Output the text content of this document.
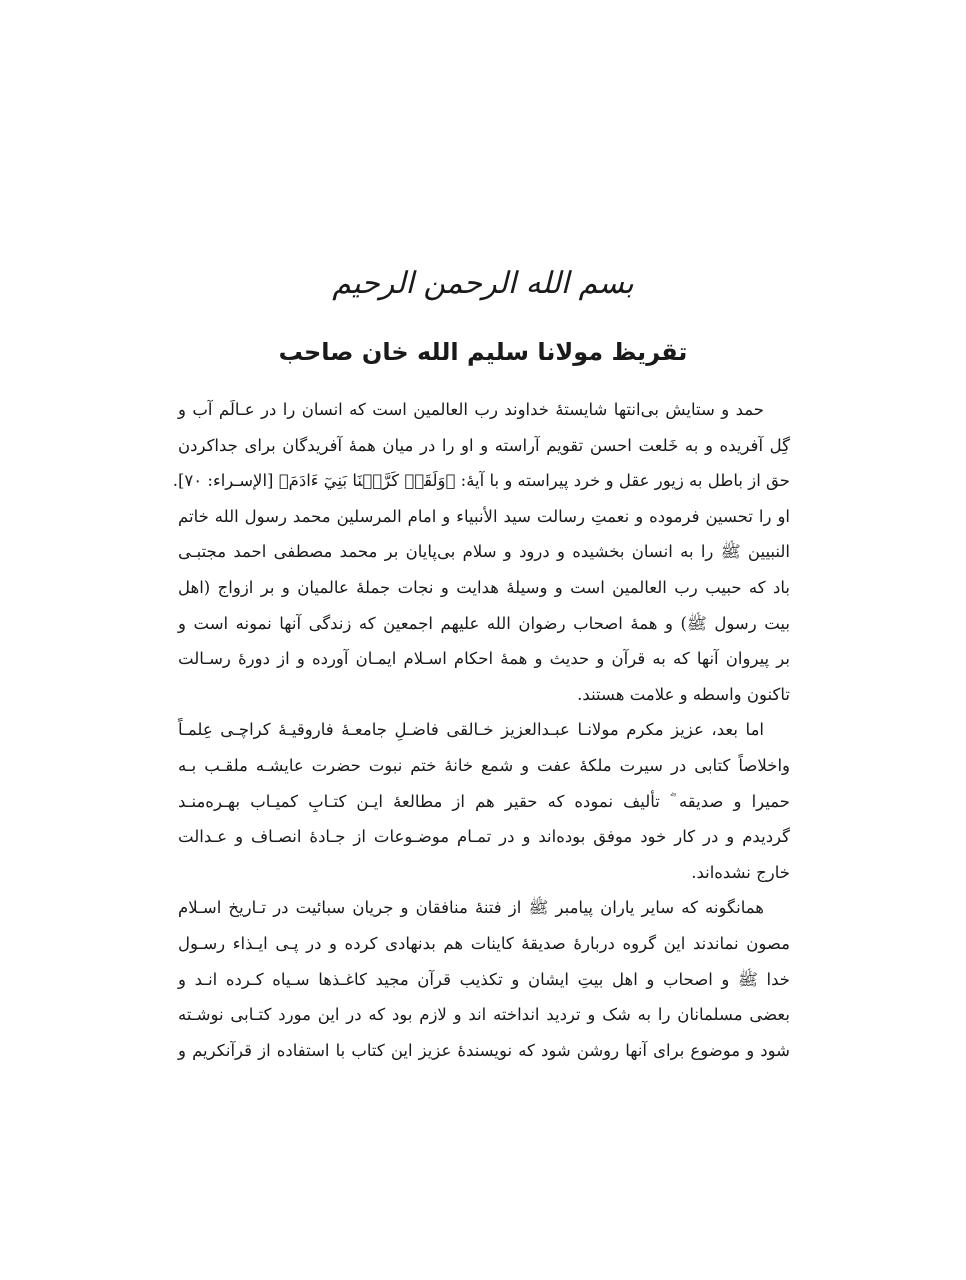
بسم الله الرحمن الرحیم
تقریظ مولانا سلیم الله خان صاحب
حمد و ستایش بی‌انتها شایستهٔ خداوند رب العالمین است که انسان را در عـالَم آب و
گِل آفریده و به خَلعت احسن تقویم آراسته و او را در میان همهٔ آفریدگان برای جداکردن
حق از باطل به زیور عقل و خرد پیراسته و با آیهٔ: ﴿وَلَقَدۡ كَرَّمۡنَا بَنِيٓ ءَادَمَ﴾ [الإسـراء: ۷۰].
او را تحسین فرموده و نعمتِ رسالت سید الأنبیاء و امام المرسلین محمد رسول الله خاتم
النبیین ﷺ را به انسان بخشیده و درود و سلام بی‌پایان بر محمد مصطفی احمد مجتبـی
باد که حبیب رب العالمین است و وسیلهٔ هدایت و نجات جملهٔ عالمیان و بر ازواج (اهل
بیت رسول ﷺ) و همهٔ اصحاب رضوان الله علیهم اجمعین که زندگی آنها نمونه است و
بر پیروان آنها که به قرآن و حدیث و همهٔ احکام اسـلام ایمـان آورده و از دورهٔ رسـالت
تاکنون واسطه و علامت هستند.
اما بعد، عزیز مکرم مولانـا عبـدالعزیز خـالقی فاضـلِ جامعـهٔ فاروقیـهٔ کراچـی عِلمـاً
واخلاصاً کتابی در سیرت ملکهٔ عفت و شمع خانهٔ ختم نبوت حضرت عایشـه ملقـب بـه
حمیرا و صدیقه ؓ تألیف نموده که حقیر هم از مطالعهٔ ایـن کتـابِ کمیـاب بهـره‌منـد
گردیدم و در کار خود موفق بوده‌اند و در تمـام موضـوعات از جـادهٔ انصـاف و عـدالت
خارج نشده‌اند.
همانگونه که سایر یاران پیامبر ﷺ از فتنهٔ منافقان و جریان سبائیت در تـاریخ اسـلام
مصون نماندند این گروه دربارهٔ صدیقهٔ کاینات هم بدنهادی کرده و در پـی ایـذاء رسـول
خدا ﷺ و اصحاب و اهل بیتِ ایشان و تکذیب قرآن مجید کاغـذها سـیاه کـرده انـد و
بعضی مسلمانان را به شک و تردید انداخته اند و لازم بود که در این مورد کتـابی نوشـته
شود و موضوع برای آنها روشن شود که نویسندهٔ عزیز این کتاب با استفاده از قرآنکریم و
